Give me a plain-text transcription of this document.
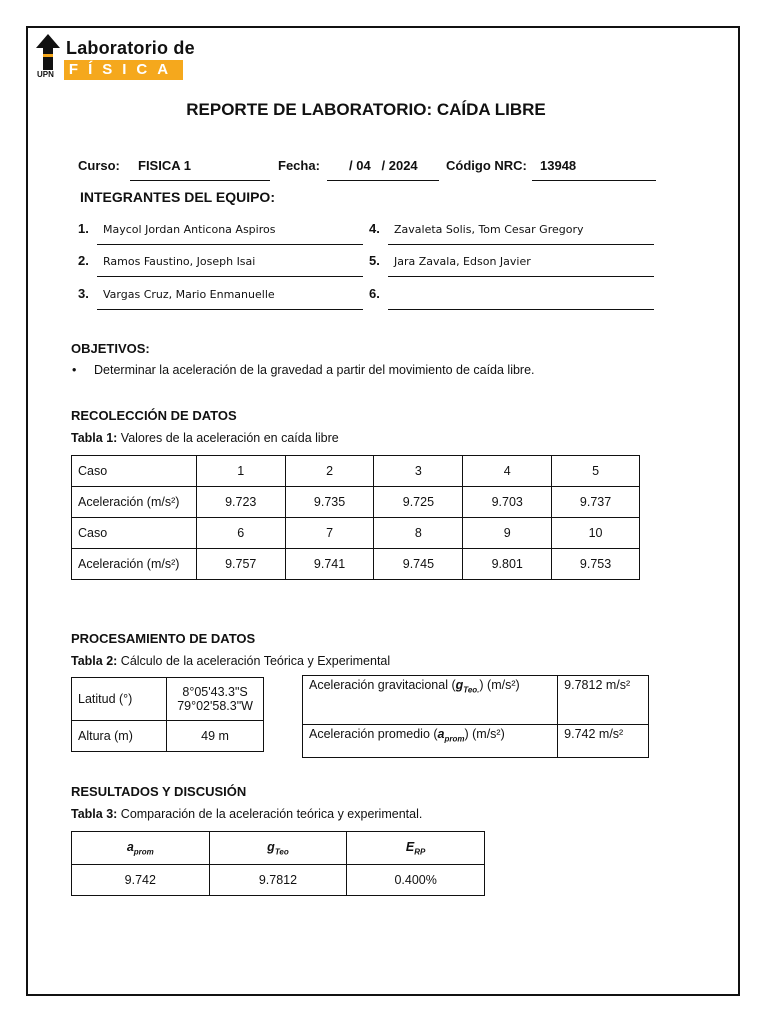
UPN
Laboratorio de
FÍSICA
REPORTE DE LABORATORIO: CAÍDA LIBRE
Curso: FISICA 1	Fecha: / 04   / 2024 Código NRC: 13948
INTEGRANTES DEL EQUIPO:
1. Maycol Jordan Anticona Aspiros
2. Ramos Faustino, Joseph Isai
3. Vargas Cruz, Mario Enmanuelle
4. Zavaleta Solis, Tom Cesar Gregory
5. Jara Zavala, Edson Javier
6.
OBJETIVOS:
• Determinar la aceleración de la gravedad a partir del movimiento de caída libre.
RECOLECCIÓN DE DATOS
Tabla 1: Valores de la aceleración en caída libre
Caso	1	2	3	4	5
Aceleración (m/s²)	9.723	9.735	9.725	9.703	9.737
Caso	6	7	8	9	10
Aceleración (m/s²)	9.757	9.741	9.745	9.801	9.753
PROCESAMIENTO DE DATOS
Tabla 2: Cálculo de la aceleración Teórica y Experimental
Latitud (°)	8°05'43.3"S
79°02'58.3"W

Altura (m)	49 m
Aceleración gravitacional $(g_{Teo.})$ (m/s²)	9.7812 m/s²
Aceleración promedio $(a_{prom})$ (m/s²)	9.742 m/s²
RESULTADOS Y DISCUSIÓN
Tabla 3: Comparación de la aceleración teórica y experimental.
$a_{prom}$	$g_{Teo}$	$E_{RP}$
9.742	9.7812	0.400%
